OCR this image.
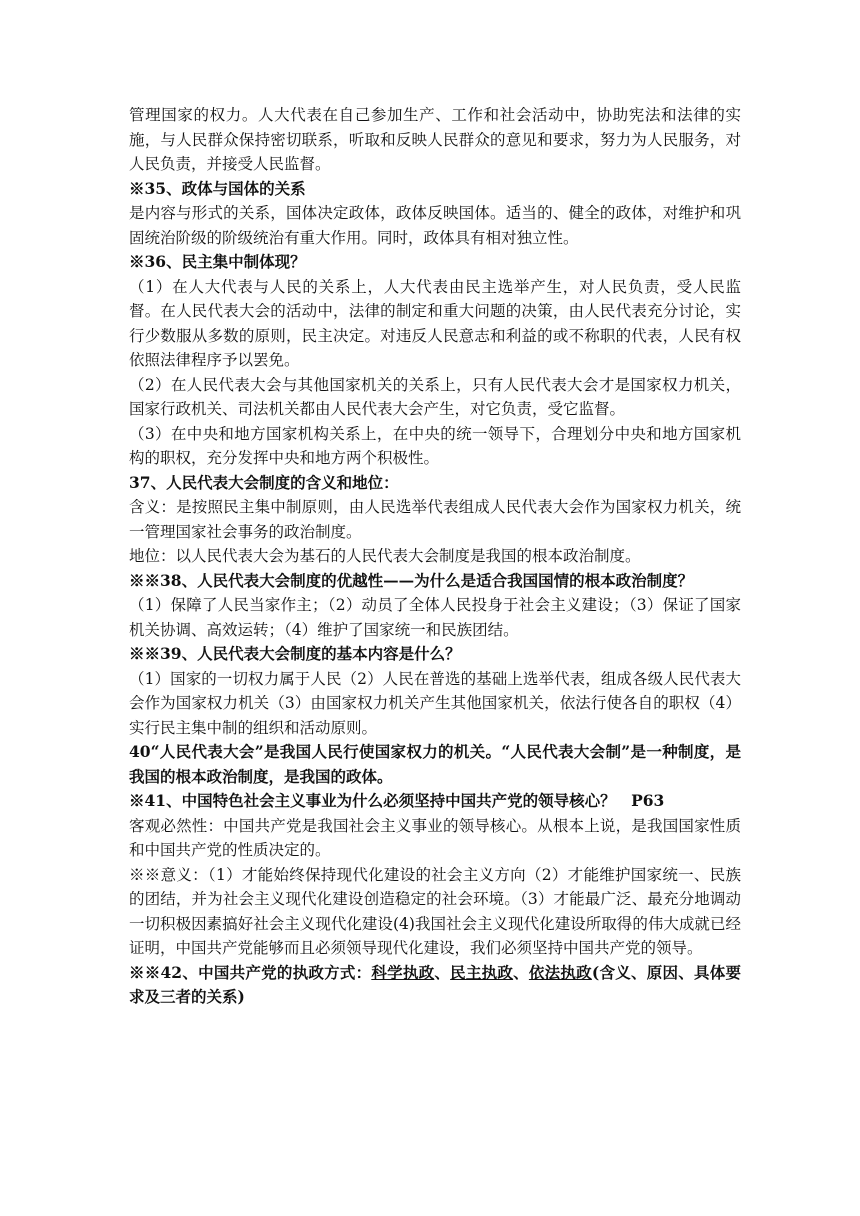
管理国家的权力。人大代表在自己参加生产、工作和社会活动中，协助宪法和法律的实施，与人民群众保持密切联系，听取和反映人民群众的意见和要求，努力为人民服务，对人民负责，并接受人民监督。

※35、政体与国体的关系

是内容与形式的关系，国体决定政体，政体反映国体。适当的、健全的政体，对维护和巩固统治阶级的阶级统治有重大作用。同时，政体具有相对独立性。

※36、民主集中制体现？

（1）在人大代表与人民的关系上，人大代表由民主选举产生，对人民负责，受人民监督。在人民代表大会的活动中，法律的制定和重大问题的决策，由人民代表充分讨论，实行少数服从多数的原则，民主决定。对违反人民意志和利益的或不称职的代表，人民有权依照法律程序予以罢免。

（2）在人民代表大会与其他国家机关的关系上，只有人民代表大会才是国家权力机关，国家行政机关、司法机关都由人民代表大会产生，对它负责，受它监督。

（3）在中央和地方国家机构关系上，在中央的统一领导下，合理划分中央和地方国家机构的职权，充分发挥中央和地方两个积极性。

37、人民代表大会制度的含义和地位：

含义：是按照民主集中制原则，由人民选举代表组成人民代表大会作为国家权力机关，统一管理国家社会事务的政治制度。

地位：以人民代表大会为基石的人民代表大会制度是我国的根本政治制度。

※※38、人民代表大会制度的优越性——为什么是适合我国国情的根本政治制度？

（1）保障了人民当家作主；（2）动员了全体人民投身于社会主义建设；（3）保证了国家机关协调、高效运转；（4）维护了国家统一和民族团结。

※※39、人民代表大会制度的基本内容是什么？

（1）国家的一切权力属于人民（2）人民在普选的基础上选举代表，组成各级人民代表大会作为国家权力机关（3）由国家权力机关产生其他国家机关，依法行使各自的职权（4）实行民主集中制的组织和活动原则。

40“人民代表大会”是我国人民行使国家权力的机关。“人民代表大会制”是一种制度，是我国的根本政治制度，是我国的政体。

※41、中国特色社会主义事业为什么必须坚持中国共产党的领导核心？　P63

客观必然性：中国共产党是我国社会主义事业的领导核心。从根本上说，是我国国家性质和中国共产党的性质决定的。

※※意义：（1）才能始终保持现代化建设的社会主义方向（2）才能维护国家统一、民族的团结，并为社会主义现代化建设创造稳定的社会环境。（3）才能最广泛、最充分地调动一切积极因素搞好社会主义现代化建设(4)我国社会主义现代化建设所取得的伟大成就已经证明，中国共产党能够而且必须领导现代化建设，我们必须坚持中国共产党的领导。

※※42、中国共产党的执政方式：科学执政、民主执政、依法执政(含义、原因、具体要求及三者的关系)
